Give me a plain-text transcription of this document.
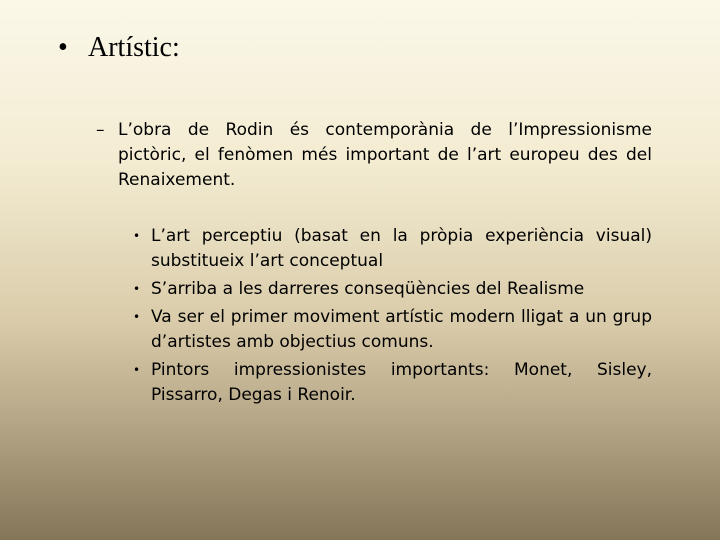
• Artístic:
– L’obra de Rodin és contemporània de l’Impressionisme pictòric, el fenòmen més important de l’art europeu des del Renaixement.
• L’art perceptiu (basat en la pròpia experiència visual) substitueix l’art conceptual
• S’arriba a les darreres conseqüències del Realisme
• Va ser el primer moviment artístic modern lligat a un grup d’artistes amb objectius comuns.
• Pintors impressionistes importants: Monet, Sisley, Pissarro, Degas i Renoir.
